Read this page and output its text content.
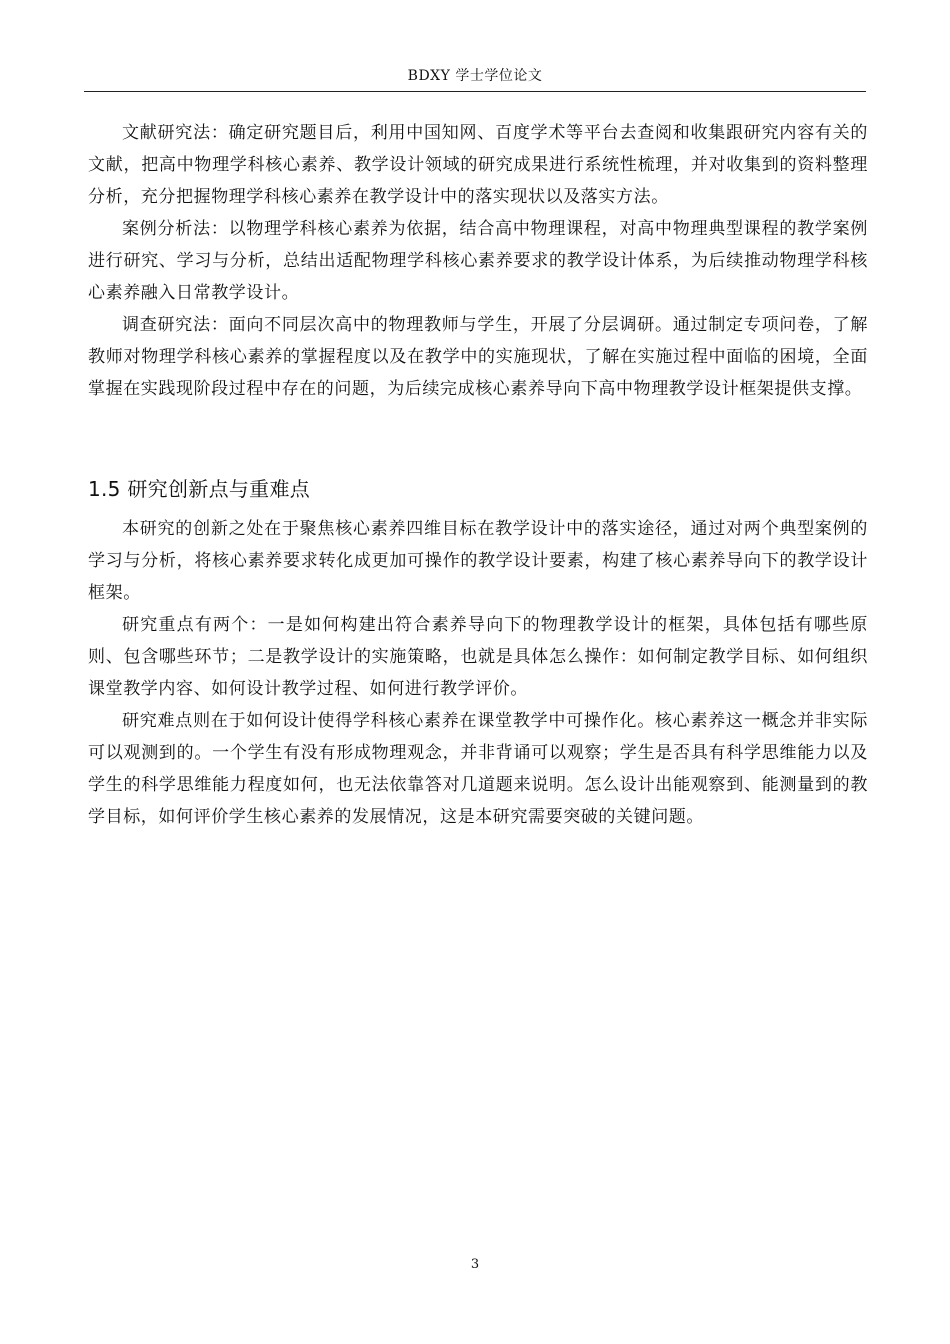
BDXY 学士学位论文

文献研究法：确定研究题目后，利用中国知网、百度学术等平台去查阅和收集跟研究内容有关的文献，把高中物理学科核心素养、教学设计领域的研究成果进行系统性梳理，并对收集到的资料整理分析，充分把握物理学科核心素养在教学设计中的落实现状以及落实方法。

案例分析法：以物理学科核心素养为依据，结合高中物理课程，对高中物理典型课程的教学案例进行研究、学习与分析，总结出适配物理学科核心素养要求的教学设计体系，为后续推动物理学科核心素养融入日常教学设计。

调查研究法：面向不同层次高中的物理教师与学生，开展了分层调研。通过制定专项问卷，了解教师对物理学科核心素养的掌握程度以及在教学中的实施现状，了解在实施过程中面临的困境，全面掌握在实践现阶段过程中存在的问题，为后续完成核心素养导向下高中物理教学设计框架提供支撑。

1.5 研究创新点与重难点

本研究的创新之处在于聚焦核心素养四维目标在教学设计中的落实途径，通过对两个典型案例的学习与分析，将核心素养要求转化成更加可操作的教学设计要素，构建了核心素养导向下的教学设计框架。

研究重点有两个：一是如何构建出符合素养导向下的物理教学设计的框架，具体包括有哪些原则、包含哪些环节；二是教学设计的实施策略，也就是具体怎么操作：如何制定教学目标、如何组织课堂教学内容、如何设计教学过程、如何进行教学评价。

研究难点则在于如何设计使得学科核心素养在课堂教学中可操作化。核心素养这一概念并非实际可以观测到的。一个学生有没有形成物理观念，并非背诵可以观察；学生是否具有科学思维能力以及学生的科学思维能力程度如何，也无法依靠答对几道题来说明。怎么设计出能观察到、能测量到的教学目标，如何评价学生核心素养的发展情况，这是本研究需要突破的关键问题。

3
